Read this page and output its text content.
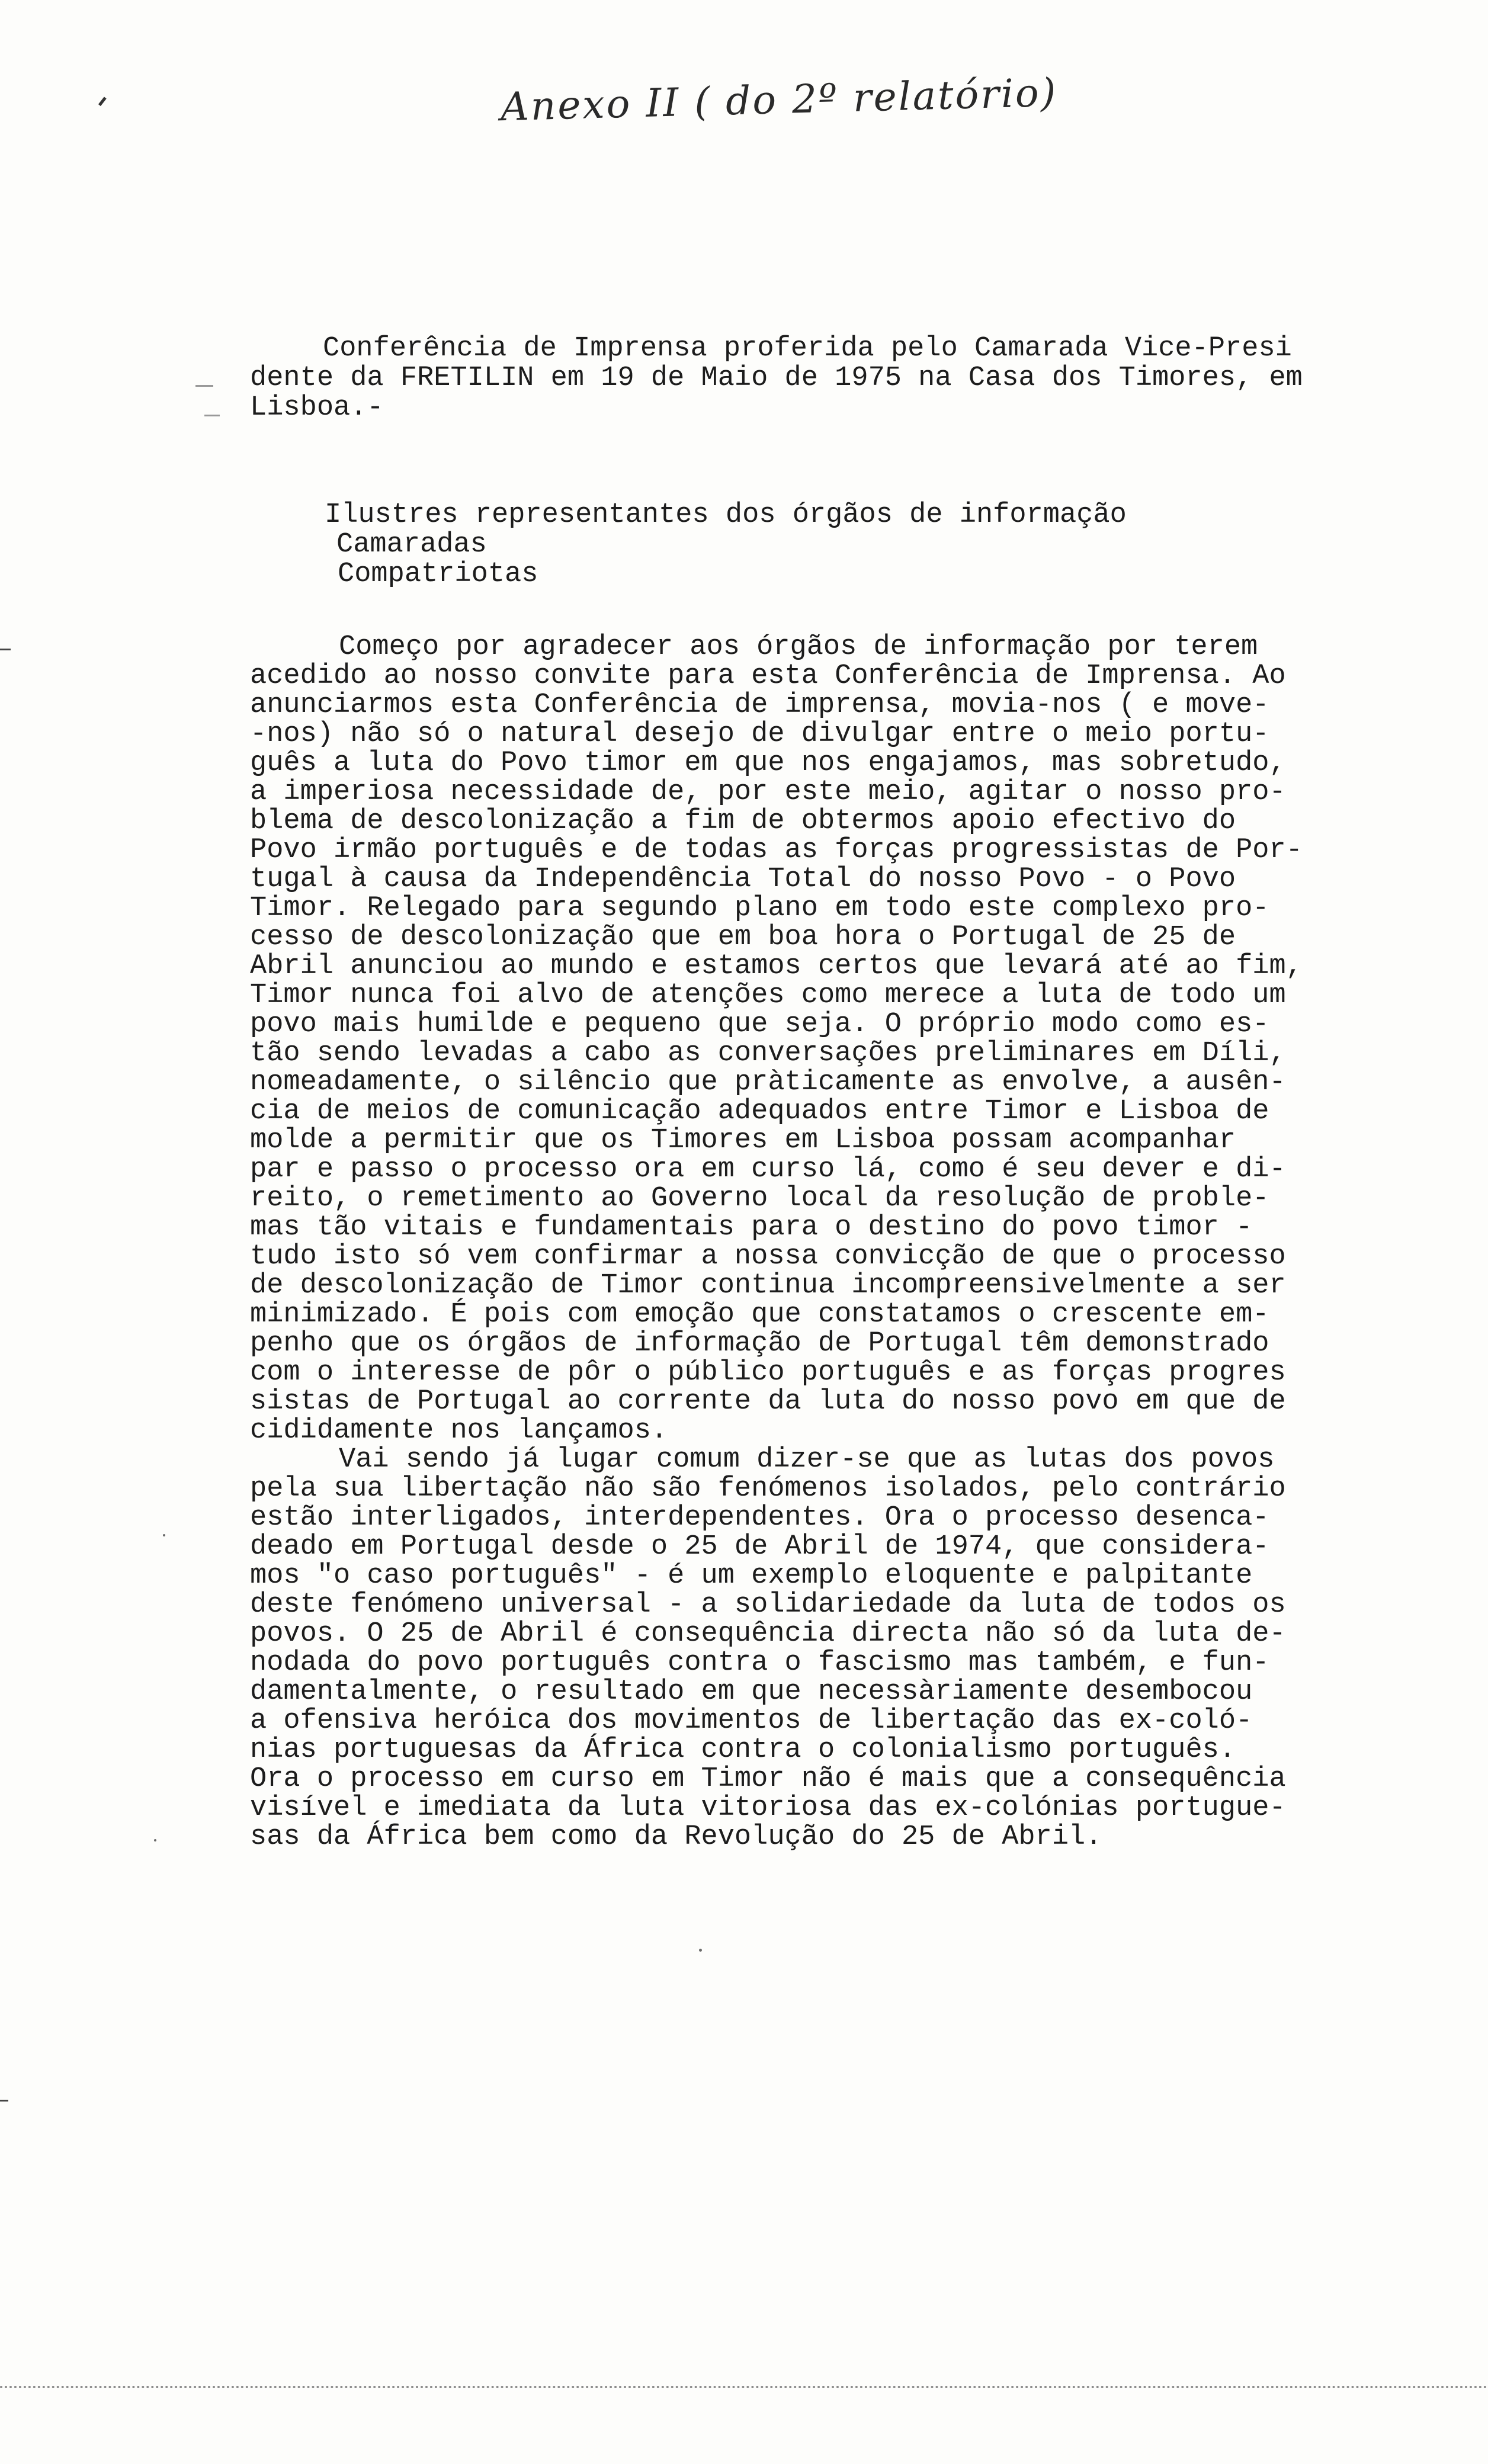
Anexo II ( do 2º relatório)
Conferência de Imprensa proferida pelo Camarada Vice-Presi
dente da FRETILIN em 19 de Maio de 1975 na Casa dos Timores, em
Lisboa.-
Ilustres representantes dos órgãos de informação
Camaradas
Compatriotas
Começo por agradecer aos órgãos de informação por terem
acedido ao nosso convite para esta Conferência de Imprensa. Ao
anunciarmos esta Conferência de imprensa, movia-nos ( e move-
-nos) não só o natural desejo de divulgar entre o meio portu-
guês a luta do Povo timor em que nos engajamos, mas sobretudo,
a imperiosa necessidade de, por este meio, agitar o nosso pro-
blema de descolonização a fim de obtermos apoio efectivo do
Povo irmão português e de todas as forças progressistas de Por-
tugal à causa da Independência Total do nosso Povo - o Povo
Timor. Relegado para segundo plano em todo este complexo pro-
cesso de descolonização que em boa hora o Portugal de 25 de
Abril anunciou ao mundo e estamos certos que levará até ao fim,
Timor nunca foi alvo de atenções como merece a luta de todo um
povo mais humilde e pequeno que seja. O próprio modo como es-
tão sendo levadas a cabo as conversações preliminares em Díli,
nomeadamente, o silêncio que pràticamente as envolve, a ausên-
cia de meios de comunicação adequados entre Timor e Lisboa de
molde a permitir que os Timores em Lisboa possam acompanhar
par e passo o processo ora em curso lá, como é seu dever e di-
reito, o remetimento ao Governo local da resolução de proble-
mas tão vitais e fundamentais para o destino do povo timor -
tudo isto só vem confirmar a nossa convicção de que o processo
de descolonização de Timor continua incompreensivelmente a ser
minimizado. É pois com emoção que constatamos o crescente em-
penho que os órgãos de informação de Portugal têm demonstrado
com o interesse de pôr o público português e as forças progres
sistas de Portugal ao corrente da luta do nosso povo em que de
cididamente nos lançamos.
Vai sendo já lugar comum dizer-se que as lutas dos povos
pela sua libertação não são fenómenos isolados, pelo contrário
estão interligados, interdependentes. Ora o processo desenca-
deado em Portugal desde o 25 de Abril de 1974, que considera-
mos "o caso português" - é um exemplo eloquente e palpitante
deste fenómeno universal - a solidariedade da luta de todos os
povos. O 25 de Abril é consequência directa não só da luta de-
nodada do povo português contra o fascismo mas também, e fun-
damentalmente, o resultado em que necessàriamente desembocou
a ofensiva heróica dos movimentos de libertação das ex-coló-
nias portuguesas da África contra o colonialismo português.
Ora o processo em curso em Timor não é mais que a consequência
visível e imediata da luta vitoriosa das ex-colónias portugue-
sas da África bem como da Revolução do 25 de Abril.
